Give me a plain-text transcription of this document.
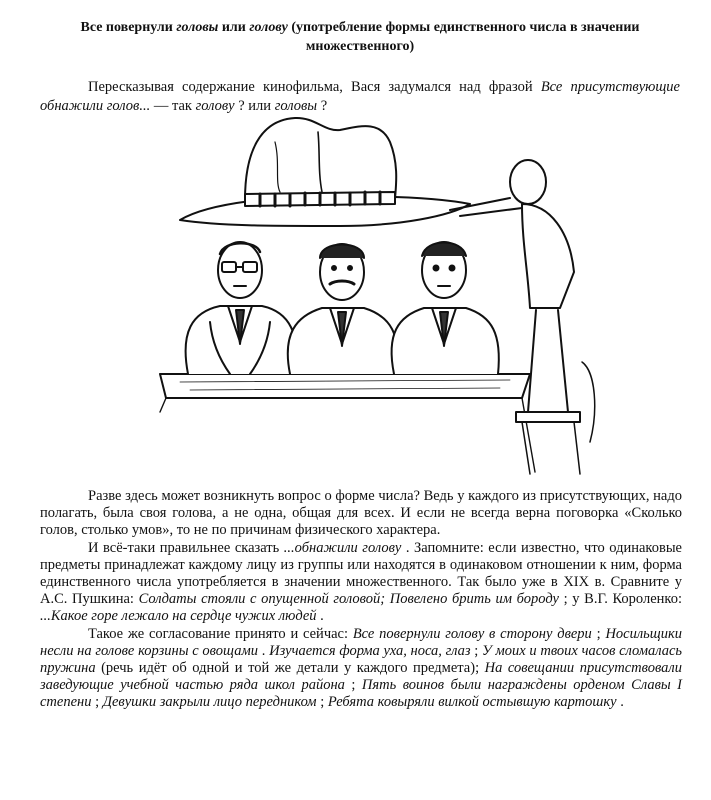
Все повернули головы или голову (употребление формы единственного числа в значении множественного)
Пересказывая содержание кинофильма, Вася задумался над фразой Все присутствующие обнажили голов... — так голову ? или головы ?

Разве здесь может возникнуть вопрос о форме числа? Ведь у каждого из присутствующих, надо полагать, была своя голова, а не одна, общая для всех. И если не всегда верна поговорка «Сколько голов, столько умов», то не по причинам физического характера.

И всё-таки правильнее сказать ...обнажили голову . Запомните: если известно, что одинаковые предметы принадлежат каждому лицу из группы или находятся в одинаковом отношении к ним, форма единственного числа употребляется в значении множественного. Так было уже в XIX в. Сравните у А.С. Пушкина: Солдаты стояли с опущенной головой; Повелено брить им бороду ; у В.Г. Короленко: ...Какое горе лежало на сердце чужих людей .

Такое же согласование принято и сейчас: Все повернули голову в сторону двери ; Носильщики несли на голове корзины с овощами . Изучается форма уха, носа, глаз ; У моих и твоих часов сломалась пружина (речь идёт об одной и той же детали у каждого предмета); На совещании присутствовали заведующие учебной частью ряда школ района ; Пять воинов были награждены орденом Славы I степени ; Девушки закрыли лицо передником ; Ребята ковыряли вилкой остывшую картошку .
